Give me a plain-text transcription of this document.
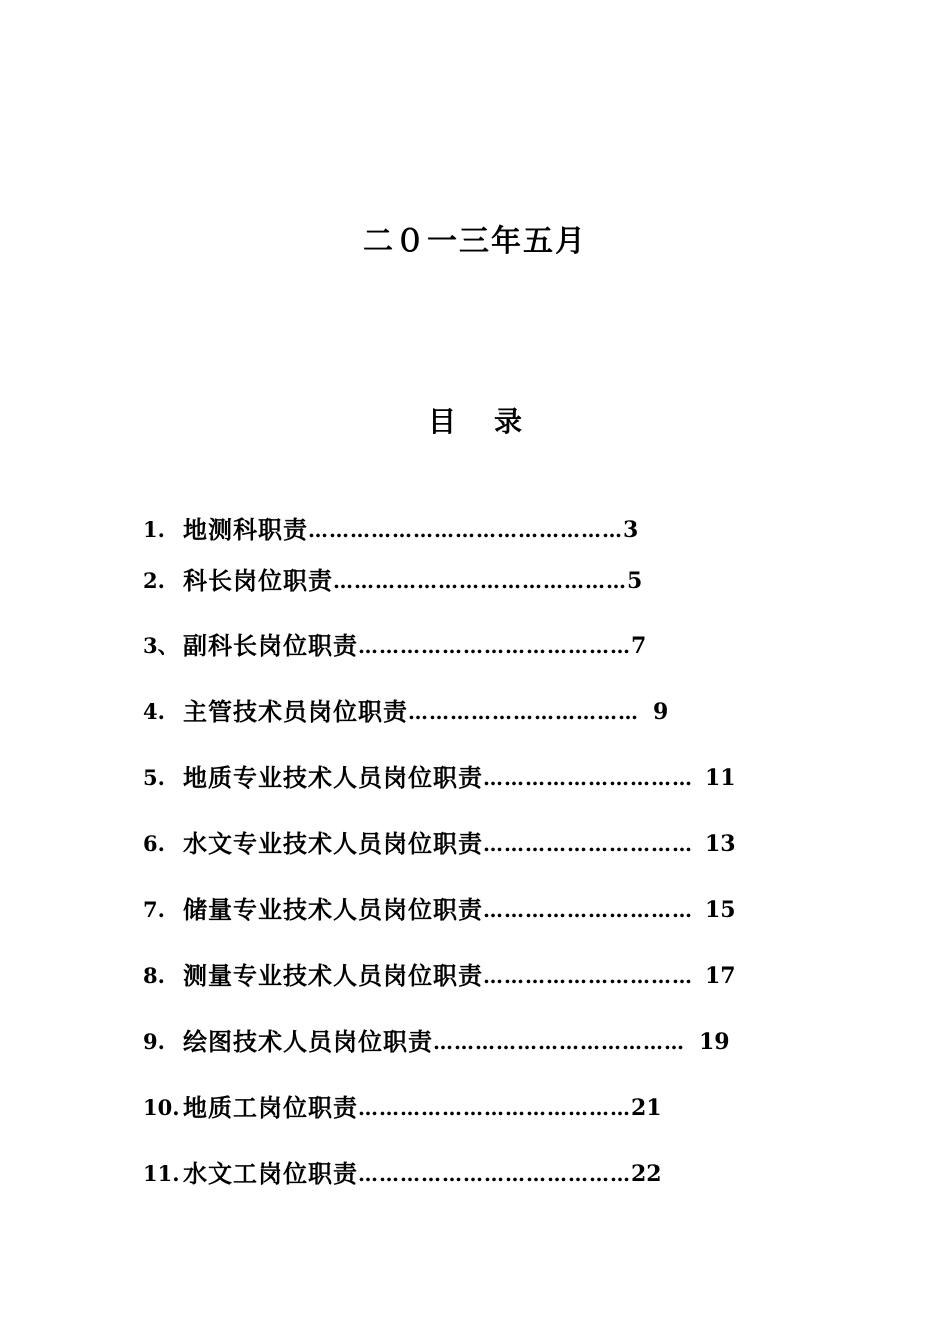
二０一三年五月
目录
1. 地测科职责………………………………………3
2. 科长岗位职责……………………………………5
3、 副科长岗位职责…………………………………7
4. 主管技术员岗位职责…………………………… 9
5. 地质专业技术人员岗位职责………………………… 11
6. 水文专业技术人员岗位职责………………………… 13
7. 储量专业技术人员岗位职责………………………… 15
8. 测量专业技术人员岗位职责………………………… 17
9. 绘图技术人员岗位职责……………………………… 19
10. 地质工岗位职责…………………………………21
11. 水文工岗位职责…………………………………22
